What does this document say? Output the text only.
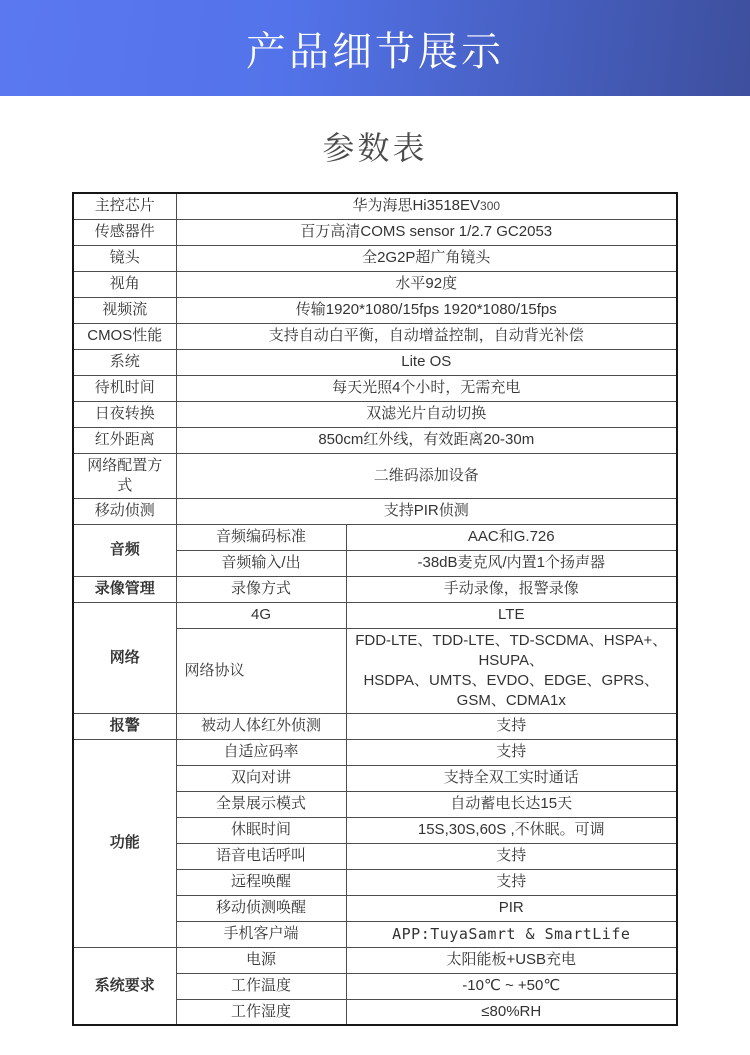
产品细节展示
参数表
主控芯片	华为海思Hi3518EV300	
传感器件	百万高清COMS sensor 1/2.7 GC2053	
镜头	全2G2P超广角镜头	
视角	水平92度	
视频流	传输1920*1080/15fps 1920*1080/15fps	
CMOS性能	支持自动白平衡，自动增益控制，自动背光补偿	
系统	Lite OS	
待机时间	每天光照4个小时，无需充电	
日夜转换	双滤光片自动切换	
红外距离	850cm红外线，有效距离20-30m	
网络配置方式	二维码添加设备	
移动侦测	支持PIR侦测	
音频	音频编码标准	AAC和G.726
	音频输入/出	-38dB麦克风/内置1个扬声器
录像管理	录像方式	手动录像，报警录像
网络	4G	LTE
	网络协议	FDD-LTE、TDD-LTE、TD-SCDMA、HSPA+、
HSUPA、
HSDPA、UMTS、EVDO、EDGE、GPRS、
GSM、CDMA1x

报警	被动人体红外侦测	支持
功能	自适应码率	支持
	双向对讲	支持全双工实时通话
	全景展示模式	自动蓄电长达15天
	休眠时间	15S,30S,60S ,不休眠。可调
	语音电话呼叫	支持
	远程唤醒	支持
	移动侦测唤醒	PIR
	手机客户端	APP:TuyaSamrt & SmartLife
系统要求	电源	太阳能板+USB充电
	工作温度	-10℃ ~ +50℃
	工作湿度	≤80%RH
